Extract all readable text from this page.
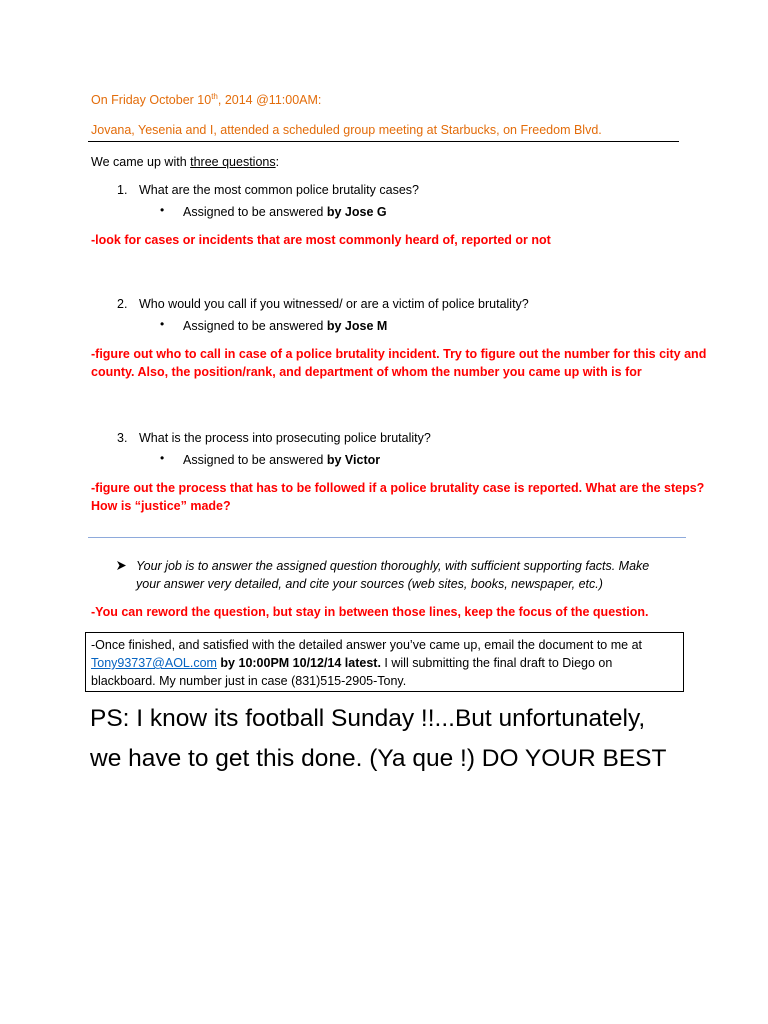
On Friday October 10th, 2014 @11:00AM:
Jovana, Yesenia and I, attended a scheduled group meeting at Starbucks, on Freedom Blvd.
We came up with three questions:
1. What are the most common police brutality cases?
• Assigned to be answered by Jose G
-look for cases or incidents that are most commonly heard of, reported or not
2. Who would you call if you witnessed/ or are a victim of police brutality?
• Assigned to be answered by Jose M
-figure out who to call in case of a police brutality incident. Try to figure out the number for this city and
county. Also, the position/rank, and department of whom the number you came up with is for
3. What is the process into prosecuting police brutality?
• Assigned to be answered by Victor
-figure out the process that has to be followed if a police brutality case is reported. What are the steps?
How is “justice” made?
Your job is to answer the assigned question thoroughly, with sufficient supporting facts. Make
your answer very detailed, and cite your sources (web sites, books, newspaper, etc.)
-You can reword the question, but stay in between those lines, keep the focus of the question.
-Once finished, and satisfied with the detailed answer you’ve came up, email the document to me at
Tony93737@AOL.com by 10:00PM 10/12/14 latest. I will submitting the final draft to Diego on
blackboard. My number just in case (831)515-2905-Tony.
PS: I know its football Sunday !!...But unfortunately,
we have to get this done. (Ya que !) DO YOUR BEST
